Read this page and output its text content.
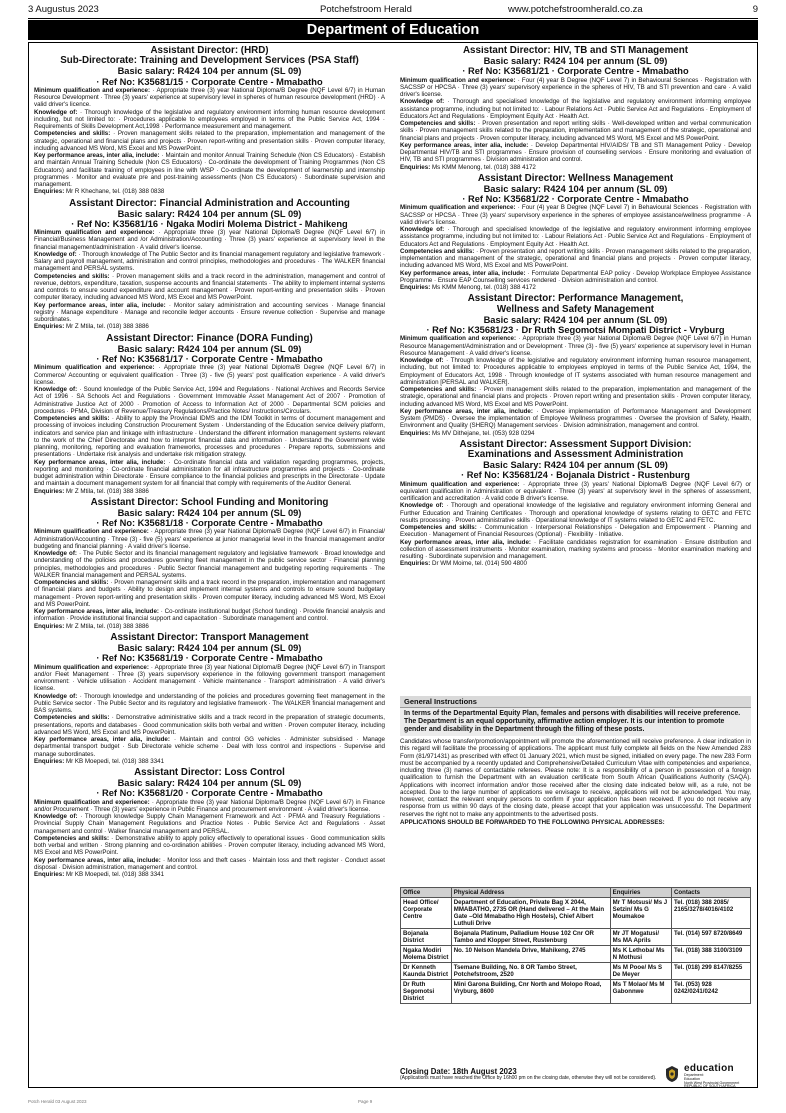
3 Augustus 2023	Potchefstroom Herald	www.potchefstroomherald.co.za	9
Department of Education
Assistant Director: (HRD)
Sub-Directorate: Training and Development Services (PSA Staff)
Basic salary: R424 104 per annum (SL 09)
· Ref No: K35681/15 · Corporate Centre - Mmabatho
Minimum qualification and experience: · Appropriate three (3) year National Diploma/B Degree (NQF Level 6/7) in Human Resource Development · Three (3) years' experience at supervisory level in spheres of human resource development (HRD) · A valid driver's licence.
Knowledge of: · Thorough knowledge of the legislative and regulatory environment informing human resource development including, but not limited to: · Procedures applicable to employees employed in terms of the Public Service Act, 1994 · Requirements of Skills Development Act,1998 · Performance measurement and management.
Competencies and skills: · Proven management skills related to the preparation, implementation and management of the strategic, operational and financial plans and projects · Proven report-writing and presentation skills · Proven computer literacy, including advanced MS Word, MS Excel and MS PowerPoint.
Key performance areas, inter alia, include: · Maintain and monitor Annual Training Schedule (Non CS Educators) · Establish and maintain Annual Training Schedule (Non CS Educators) · Co-ordinate the development of Training Programmes (Non CS Educators) and facilitate training of employees in line with WSP · Co-ordinate the development of learnership and internship programmes · Monitor and evaluate pre and post-training assessments (Non CS Educators) · Subordinate supervision and management.
Enquiries: Mr R Khechane, tel. (018) 388 0838
Assistant Director: Financial Administration and Accounting
Basic salary: R424 104 per annum (SL 09)
· Ref No: K35681/16 · Ngaka Modiri Molema District - Mahikeng
Minimum qualification and experience: · Appropriate three (3) year National Diploma/B Degree (NQF Level 6/7) in Financial/Business Management and /or Administration/Accounting · Three (3) years' experience at supervisory level in the financial management/administration · A valid driver's license.
Knowledge of: · Thorough knowledge of The Public Sector and its financial management regulatory and legislative framework · Salary and payroll management, administration and control principles, methodologies and procedures · The WALKER financial management and PERSAL systems.
Competencies and skills: · Proven management skills and a track record in the administration, management and control of revenue, debtors, expenditure, taxation, suspense accounts and financial statements · The ability to implement internal systems and controls to ensure sound expenditure and account management · Proven report-writing and presentation skills · Proven computer literacy, including advanced MS Word, MS Excel and MS PowerPoint.
Key performance areas, inter alia, include: · Monitor salary administration and accounting services · Manage financial registry · Manage expenditure · Manage and reconcile ledger accounts · Ensure revenue collection · Supervise and manage subordinates.
Enquiries: Mr Z Mtila, tel. (018) 388 3886
Assistant Director: Finance (DORA Funding)
Basic salary: R424 104 per annum (SL 09)
· Ref No: K35681/17 · Corporate Centre - Mmabatho
Minimum qualification and experience: · Appropriate three (3) year National Diploma/B Degree (NQF Level 6/7) in Commerce/ Accounting or equivalent qualification · Three (3) - five (5) years' post qualification experience · A valid driver's license.
Knowledge of: · Sound knowledge of the Public Service Act, 1994 and Regulations · National Archives and Records Service Act of 1996 · SA Schools Act and Regulations · Government Immovable Asset Management Act of 2007 · Promotion of Administrative Justice Act of 2000 · Promotion of Access to Information Act of 2000 · Departmental SCM policies and procedures · PFMA, Division of Revenue/Treasury Regulations/Practice Notes/ Instructions/Circulars.
Competencies and skills: · Ability to apply the Provincial IDMS and the IDM Toolkit in terms of document management and processing of invoices including Construction Procurement System · Understanding of the Education service delivery platform, indicators and service plan and linkage with infrastructure · Understand the different information management systems relevant to the work of the Chief Directorate and how to interpret financial data and information · Understand the Government wide planning, monitoring, reporting and evaluation frameworks, processes and procedures · Prepare reports, submissions and presentations · Undertake risk analysis and undertake risk mitigation strategy.
Key performance areas, inter alia, include: · Co-ordinate financial data and validation regarding programmes, projects, reporting and monitoring · Co-ordinate financial administration for all infrastructure programmes and projects · Co-ordinate budget administration within Directorate · Ensure compliance to the financial policies and prescripts in the Directorate · Update and maintain a document management system for all financial that comply with requirements of the Auditor General.
Enquiries: Mr Z Mtila, tel. (018) 388 3886
Assistant Director: School Funding and Monitoring
Basic salary: R424 104 per annum (SL 09)
· Ref No: K35681/18 · Corporate Centre - Mmabatho
Minimum qualification and experience: · Appropriate three (3) year National Diploma/B Degree (NQF Level 6/7) in Financial/ Administration/Accounting · Three (3) - five (5) years' experience at junior managerial level in the financial management and/or budgeting and financial planning · A valid driver's license.
Knowledge of: · The Public Sector and its financial management regulatory and legislative framework · Broad knowledge and understanding of the policies and procedures governing fleet management in the public service sector · Financial planning principles, methodologies and procedures · Public Sector financial management and budgeting reporting requirements · The WALKER financial management and PERSAL systems.
Competencies and skills: · Proven management skills and a track record in the preparation, implementation and management of financial plans and budgets · Ability to design and implement internal systems and controls to ensure sound budgetary management · Proven report-writing and presentation skills · Proven computer literacy, including advanced MS Word, MS Excel and MS PowerPoint.
Key performance areas, inter alia, include: · Co-ordinate institutional budget (School funding) · Provide financial analysis and information · Provide institutional financial support and capacitation · Subordinate management and control.
Enquiries: Mr Z Mtila, tel. (018) 388 3886
Assistant Director: Transport Management
Basic salary: R424 104 per annum (SL 09)
· Ref No: K35681/19 · Corporate Centre - Mmabatho
Minimum qualification and experience: · Appropriate three (3) year National Diploma/B Degree (NQF Level 6/7) in Transport and/or Fleet Management · Three (3) years supervisory experience in the following government transport management environment: · Vehicle utilisation · Accident management · Vehicle maintenance · Transport administration · A valid driver's license.
Knowledge of: · Thorough knowledge and understanding of the policies and procedures governing fleet management in the Public Service sector · The Public Sector and its regulatory and legislative framework · The WALKER financial management and BAS systems.
Competencies and skills: · Demonstrative administrative skills and a track record in the preparation of strategic documents, presentations, reports and databases · Good communication skills both verbal and written · Proven computer literacy, including advanced MS Word, MS Excel and MS PowerPoint.
Key performance areas, inter alia, include: · Maintain and control GG vehicles · Administer subsidised · Manage departmental transport budget · Sub Directorate vehicle scheme · Deal with loss control and inspections · Supervise and manage subordinates.
Enquiries: Mr KB Moepedi, tel. (018) 388 3341
Assistant Director: Loss Control
Basic salary: R424 104 per annum (SL 09)
· Ref No: K35681/20 · Corporate Centre - Mmabatho
Minimum qualification and experience: · Appropriate three (3) year National Diploma/B Degree (NQF Level 6/7) in Finance and/or Procurement · Three (3) years' experience in Public Finance and procurement environment · A valid driver's license.
Knowledge of: · Thorough knowledge Supply Chain Management Framework and Act · PFMA and Treasury Regulations · Provincial Supply Chain Management Regulations and Practice Notes · Public Service Act and Regulations · Asset management and control · Walker financial management and PERSAL.
Competencies and skills: · Demonstrative ability to apply policy effectively to operational issues · Good communication skills both verbal and written · Strong planning and co-ordination abilities · Proven computer literacy, including advanced MS Word, MS Excel and MS PowerPoint.
Key performance areas, inter alia, include: · Monitor loss and theft cases · Maintain loss and theft register · Conduct asset disposal · Division administration, management and control.
Enquiries: Mr KB Moepedi, tel. (018) 388 3341
Assistant Director: HIV, TB and STI Management
Basic salary: R424 104 per annum (SL 09)
· Ref No: K35681/21 · Corporate Centre - Mmabatho
Minimum qualification and experience: · Four (4) year B Degree (NQF Level 7) in Behavioural Sciences · Registration with SACSSP or HPCSA · Three (3) years' supervisory experience in the spheres of HIV, TB and STI prevention and care · A valid driver's license.
Knowledge of: · Thorough and specialised knowledge of the legislative and regulatory environment informing employee assistance programme, including but not limited to: · Labour Relations Act · Public Service Act and Regulations · Employment of Educators Act and Regulations · Employment Equity Act · Health Act.
Competencies and skills: · Proven presentation and report writing skills · Well-developed written and verbal communication skills · Proven management skills related to the preparation, implementation and management of the strategic, operational and financial plans and projects · Proven computer literacy, including advanced MS Word, MS Excel and MS PowerPoint.
Key performance areas, inter alia, include: · Develop Departmental HIV/AIDS/ TB and STI Management Policy · Develop Departmental HIV/TB and STI programmes · Ensure provision of counselling services · Ensure monitoring and evaluation of HIV, TB and STI programmes · Division administration and control.
Enquiries: Ms KMM Menong, tel. (018) 388 4172
Assistant Director: Wellness Management
Basic salary: R424 104 per annum (SL 09)
· Ref No: K35681/22 · Corporate Centre - Mmabatho
Minimum qualification and experience: · Four (4) year B Degree (NQF Level 7) in Behavioural Sciences · Registration with SACSSP or HPCSA · Three (3) years' supervisory experience in the spheres of employee assistance/wellness programme · A valid driver's license.
Knowledge of: · Thorough and specialised knowledge of the legislative and regulatory environment informing employee assistance programme, including but not limited to: · Labour Relations Act · Public Service Act and Regulations · Employment of Educators Act and Regulations · Employment Equity Act · Health Act.
Competencies and skills: · Proven presentation and report writing skills · Proven management skills related to the preparation, implementation and management of the strategic, operational and financial plans and projects · Proven computer literacy, including advanced MS Word, MS Excel and MS PowerPoint.
Key performance areas, inter alia, include: · Formulate Departmental EAP policy · Develop Workplace Employee Assistance Programme · Ensure EAP Counselling services rendered · Division administration and control.
Enquiries: Ms KMM Menong, tel. (018) 388 4172
Assistant Director: Performance Management,
Wellness and Safety Management
Basic salary: R424 104 per annum (SL 09)
· Ref No: K35681/23 · Dr Ruth Segomotsi Mompati District - Vryburg
Minimum qualification and experience: · Appropriate three (3) year National Diploma/B Degree (NQF Level 6/7) in Human Resource Management/Administration and or Development · Three (3) - five (5) years' experience at supervisory level in Human Resource Management · A valid driver's license.
Knowledge of: · Through knowledge of the legislative and regulatory environment informing human resource management, including, but not limited to: Procedures applicable to employees employed in terms of the Public Service Act, 1994, the Employment of Educators Act, 1998 · Through knowledge of IT systems associated with human resource management and administration [PERSAL and WALKER].
Competencies and skills: · Proven management skills related to the preparation, implementation and management of the strategic, operational and financial plans and projects · Proven report writing and presentation skills · Proven computer literacy, including advanced MS Word, MS Excel and MS PowerPoint.
Key performance areas, inter alia, include: · Oversee implementation of Performance Management and Development System (PMDS) · Oversee the implementation of Employee Wellness programmes · Oversee the provision of Safety, Health, Environment and Quality (SHERQ) Management services · Division administration, management and control.
Enquiries: Ms MV Dithejane, tel. (053) 928 0294
Assistant Director: Assessment Support Division:
Examinations and Assessment Administration
Basic Salary: R424 104 per annum (SL 09)
· Ref No: K35681/24 · Bojanala District - Rustenburg
Minimum qualification and experience: · Appropriate three (3) years' National Diploma/B Degree (NQF Level 6/7) or equivalent qualification in Administration or equivalent · Three (3) years' at supervisory level in the spheres of assessment, certification and accreditation · A valid code B driver's license.
Knowledge of: · Thorough and operational knowledge of the legislative and regulatory environment informing General and Further Education and Training Certificates · Thorough and operational knowledge of systems relating to GETC and FETC results processing · Proven administrative skills · Operational knowledge of IT systems related to GETC and FETC.
Competencies and skills: · Communication · Interpersonal Relationships · Delegation and Empowerment · Planning and Execution · Management of Financial Resources (Optional) · Flexibility · Initiative.
Key performance areas, inter alia, include: · Facilitate candidates registration for examination · Ensure distribution and collection of assessment instruments · Monitor examination, marking systems and process · Monitor examination marking and resulting · Subordinate supervision and management.
Enquiries: Dr WM Moime, tel. (014) 590 4800
General Instructions
In terms of the Departmental Equity Plan, females and persons with disabilities will receive preference. The Department is an equal opportunity, affirmative action employer. It is our intention to promote gender and disability in the Department through the filling of these posts.
Candidates whose transfer/promotion/appointment will promote the aforementioned will receive preference. A clear indication in this regard will facilitate the processing of applications. The applicant must fully complete all fields on the New Amended Z83 Form (81/971431) as prescribed with effect 01 January 2021, which must be signed, initialled on every page. The new Z83 Form must be accompanied by a recently updated and Comprehensive/Detailed Curriculum Vitae with competencies and experience, including three (3) names of contactable referees. Please note: It is a responsibility of a person in possession of a foreign qualification to furnish the Department with an evaluation certificate from South African Qualifications Authority (SAQA). Applications with incorrect information and/or those received after the closing date indicated below will, as a rule, not be accepted. Due to the large number of applications we envisage to receive, applications will not be acknowledged. You may, however, contact the relevant enquiry persons to confirm if your application has been received. If you do not receive any response from us within 90 days of the closing date, please accept that your application was unsuccessful. The Department reserves the right not to make any appointments to the advertised posts.
APPLICATIONS SHOULD BE FORWARDED TO THE FOLLOWING PHYSICAL ADDRESSES:
Office	Physical Address	Enquiries	Contacts
Head Office/ Corporate Centre	Department of Education, Private Bag X 2044, MMABATHO, 2735 OR (Hand delivered – At the Main Gate –Old Mmabatho High Hostels), Chief Albert Luthuli Drive	Mr T Motsusi/ Ms J Setzin/ Ms G Moumakoe	Tel. (018) 388 2085/ 2165/3278/4016/4102
Bojanala District	Bojanala Platinum, Palladium House 102 Cnr OR Tambo and Klopper Street, Rustenburg	Mr JT Mogatusi/ Ms MA Aprils	Tel. (014) 597 8720/8649
Ngaka Modiri Molema District	No. 10 Nelson Mandela Drive, Mahikeng, 2745	Ms K Lethoba/ Ms N Mothusi	Tel. (018) 388 3100/3109
Dr Kenneth Kaunda District	Tsemane Building, No. 8 OR Tambo Street, Potchefstroom, 2520	Ms M Pooe/ Ms S De Meyer	Tel. (018) 299 8147/8255
Dr Ruth Segomotsi District	Mini Garona Building, Cnr North and Molopo Road, Vryburg, 8600	Ms T Molao/ Ms M Gabonnwe	Tel. (053) 928 0242/0241/0242
Closing Date: 18th August 2023
(Applications must have reached the Office by 16h00 pm on the closing date, otherwise they will not be considered).
education
Department:
Education
North West Provincial Government
REPUBLIC OF SOUTH AFRICA
Potch Herald 03 August 2023	Page 9
